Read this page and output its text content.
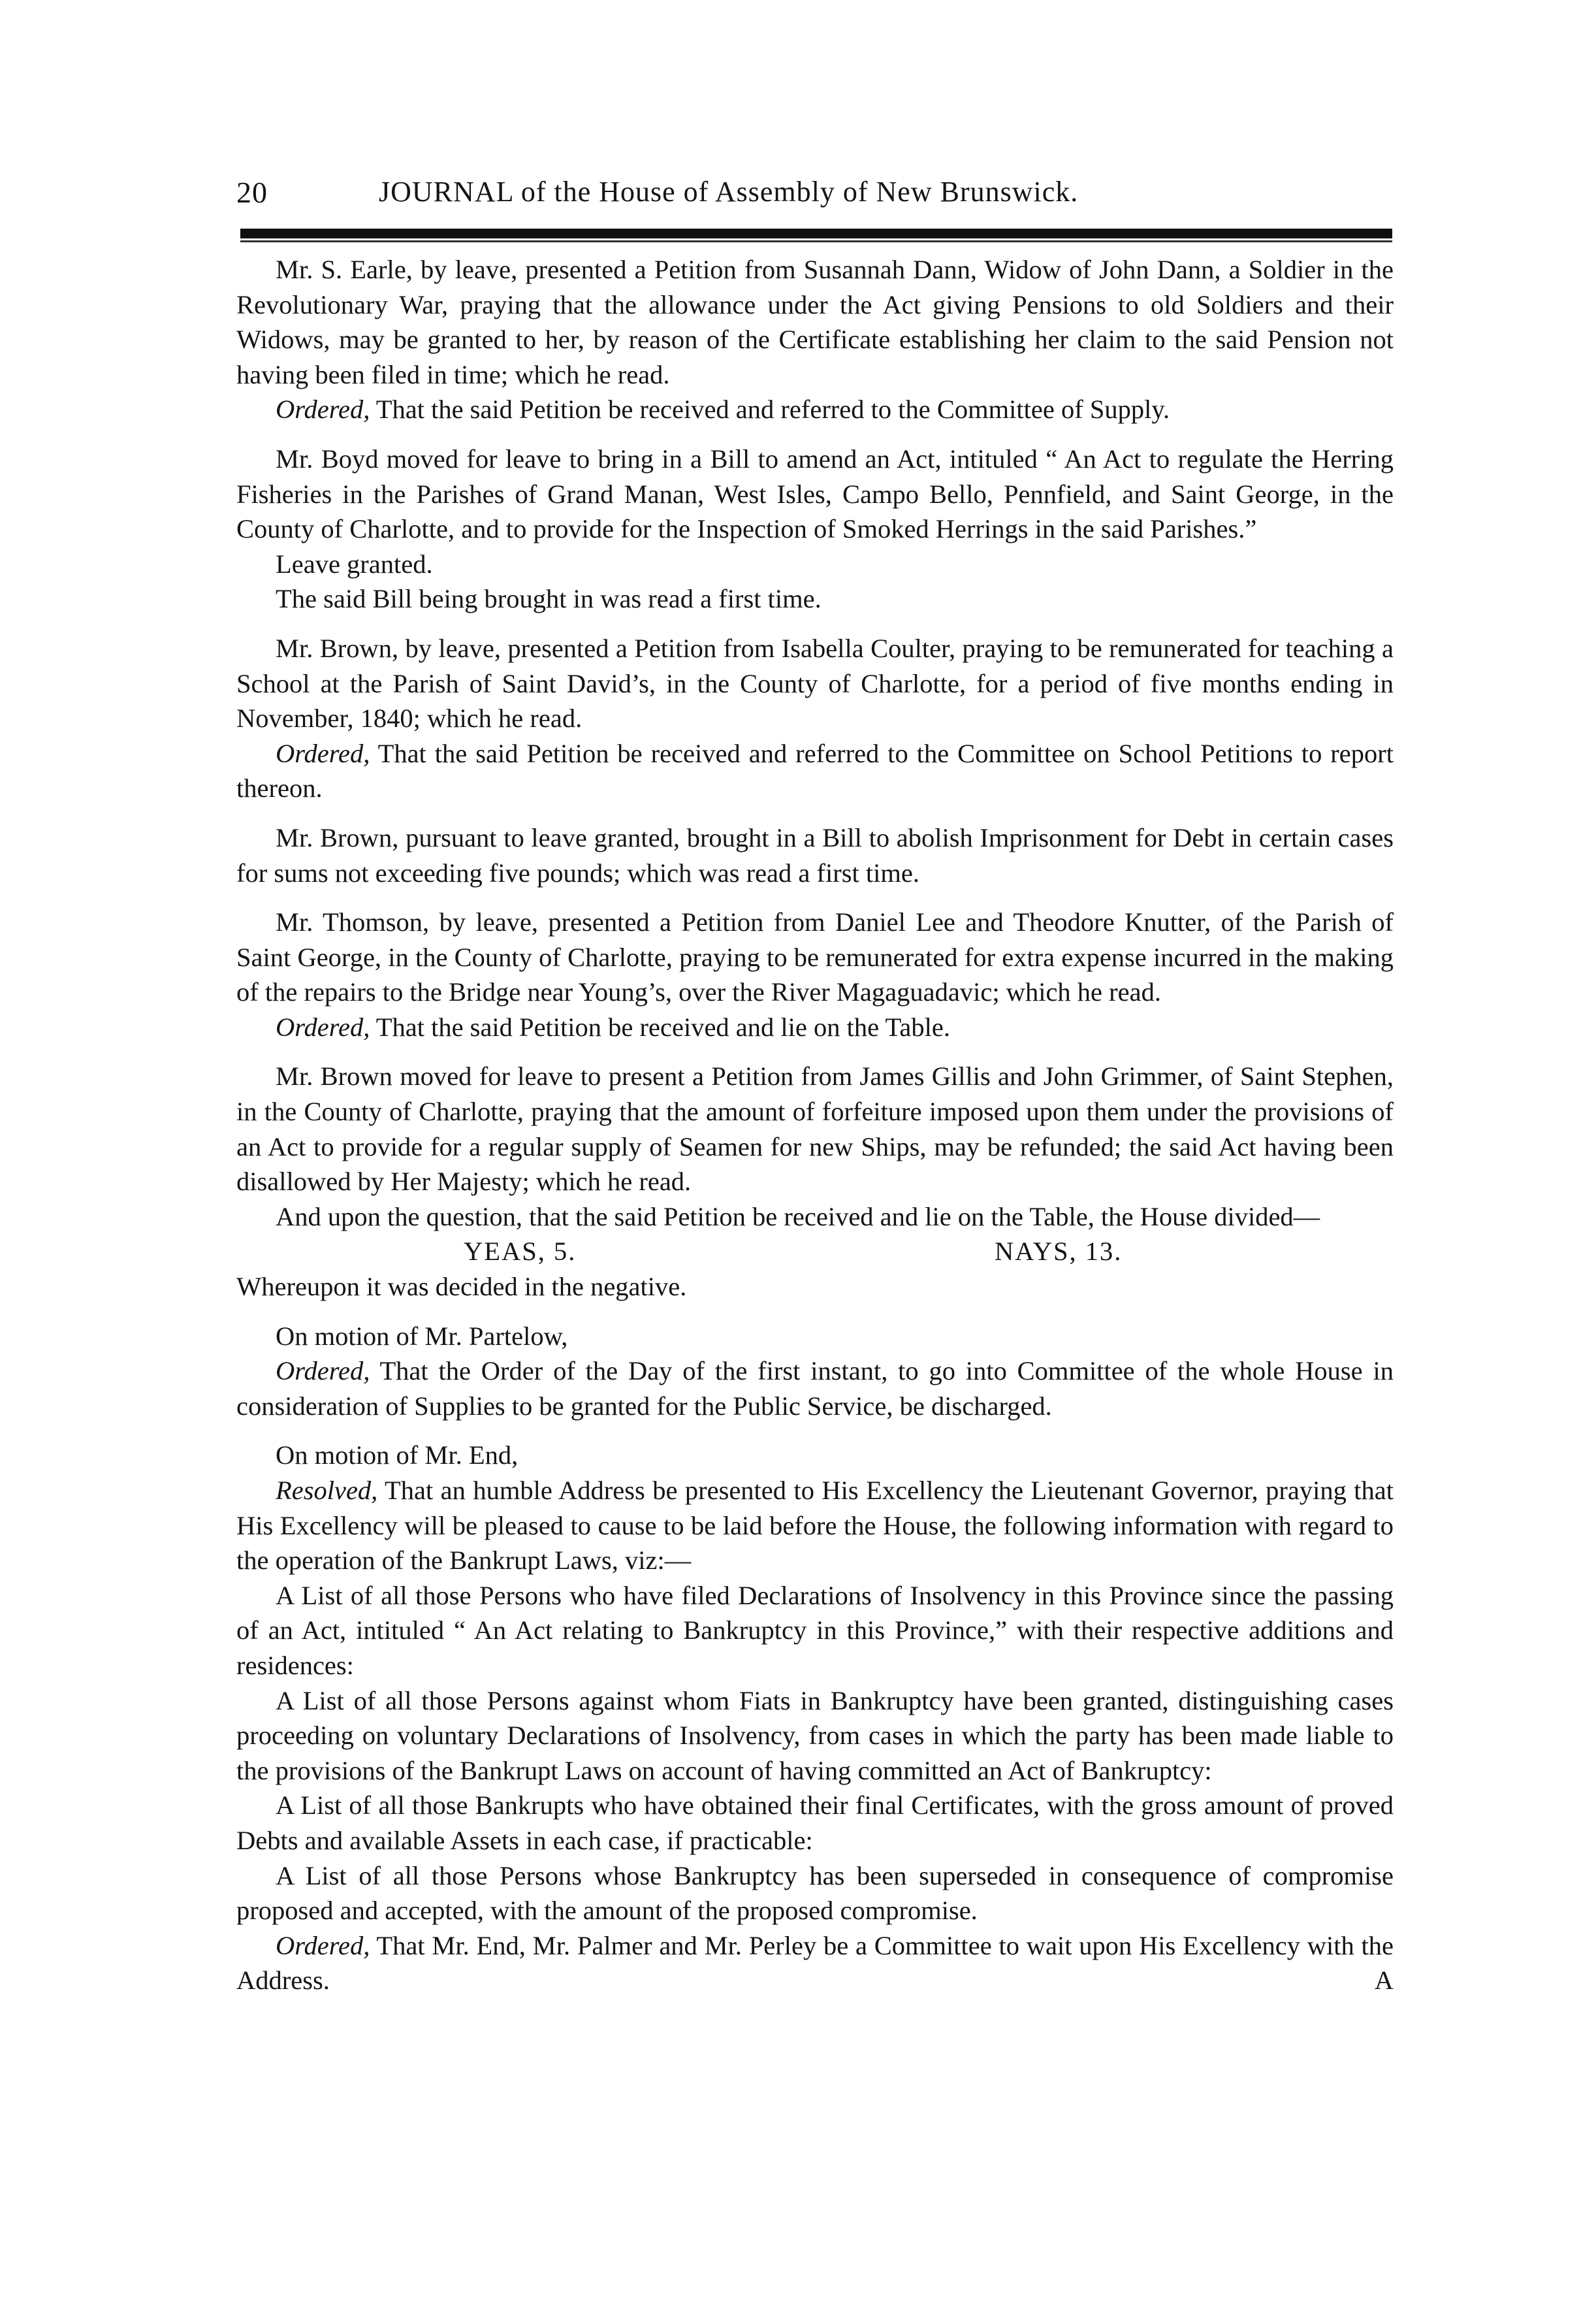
20	JOURNAL of the House of Assembly of New Brunswick.

Mr. S. Earle, by leave, presented a Petition from Susannah Dann, Widow of John Dann, a Soldier in the Revolutionary War, praying that the allowance under the Act giving Pensions to old Soldiers and their Widows, may be granted to her, by reason of the Certificate establishing her claim to the said Pension not having been filed in time; which he read.

Ordered, That the said Petition be received and referred to the Committee of Supply.

Mr. Boyd moved for leave to bring in a Bill to amend an Act, intituled “ An Act to regulate the Herring Fisheries in the Parishes of Grand Manan, West Isles, Campo Bello, Pennfield, and Saint George, in the County of Charlotte, and to provide for the Inspection of Smoked Herrings in the said Parishes.”

Leave granted.

The said Bill being brought in was read a first time.

Mr. Brown, by leave, presented a Petition from Isabella Coulter, praying to be remunerated for teaching a School at the Parish of Saint David’s, in the County of Charlotte, for a period of five months ending in November, 1840; which he read.

Ordered, That the said Petition be received and referred to the Committee on School Petitions to report thereon.

Mr. Brown, pursuant to leave granted, brought in a Bill to abolish Imprisonment for Debt in certain cases for sums not exceeding five pounds; which was read a first time.

Mr. Thomson, by leave, presented a Petition from Daniel Lee and Theodore Knutter, of the Parish of Saint George, in the County of Charlotte, praying to be remunerated for extra expense incurred in the making of the repairs to the Bridge near Young’s, over the River Magaguadavic; which he read.

Ordered, That the said Petition be received and lie on the Table.

Mr. Brown moved for leave to present a Petition from James Gillis and John Grimmer, of Saint Stephen, in the County of Charlotte, praying that the amount of forfeiture imposed upon them under the provisions of an Act to provide for a regular supply of Seamen for new Ships, may be refunded; the said Act having been disallowed by Her Majesty; which he read.

And upon the question, that the said Petition be received and lie on the Table, the House divided—

YEAS, 5.	NAYS, 13.

Whereupon it was decided in the negative.

On motion of Mr. Partelow,

Ordered, That the Order of the Day of the first instant, to go into Committee of the whole House in consideration of Supplies to be granted for the Public Service, be discharged.

On motion of Mr. End,

Resolved, That an humble Address be presented to His Excellency the Lieutenant Governor, praying that His Excellency will be pleased to cause to be laid before the House, the following information with regard to the operation of the Bankrupt Laws, viz:—

A List of all those Persons who have filed Declarations of Insolvency in this Province since the passing of an Act, intituled “ An Act relating to Bankruptcy in this Province,” with their respective additions and residences:

A List of all those Persons against whom Fiats in Bankruptcy have been granted, distinguishing cases proceeding on voluntary Declarations of Insolvency, from cases in which the party has been made liable to the provisions of the Bankrupt Laws on account of having committed an Act of Bankruptcy:

A List of all those Bankrupts who have obtained their final Certificates, with the gross amount of proved Debts and available Assets in each case, if practicable:

A List of all those Persons whose Bankruptcy has been superseded in consequence of compromise proposed and accepted, with the amount of the proposed compromise.

Ordered, That Mr. End, Mr. Palmer and Mr. Perley be a Committee to wait upon His Excellency with the Address.	A
